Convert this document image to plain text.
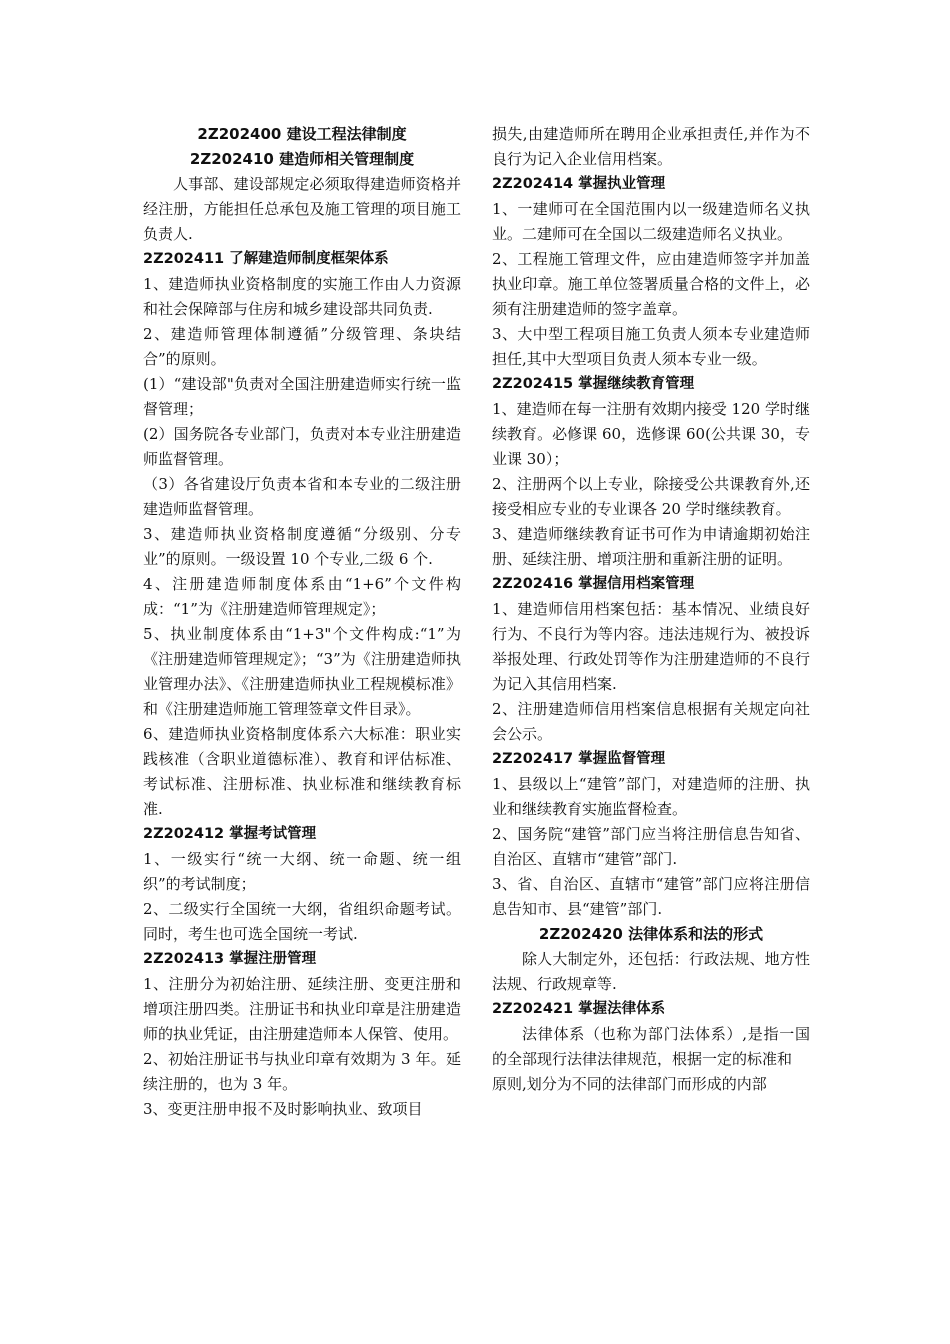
2Z202400 建设工程法律制度

2Z202410 建造师相关管理制度

人事部、建设部规定必须取得建造师资格并经注册，方能担任总承包及施工管理的项目施工负责人.

2Z202411 了解建造师制度框架体系

1、建造师执业资格制度的实施工作由人力资源和社会保障部与住房和城乡建设部共同负责.

2、建造师管理体制遵循”分级管理、条块结合”的原则。

(1）“建设部"负责对全国注册建造师实行统一监督管理；

(2）国务院各专业部门，负责对本专业注册建造师监督管理。

（3）各省建设厅负责本省和本专业的二级注册建造师监督管理。

3、建造师执业资格制度遵循“分级别、分专业”的原则。一级设置 10 个专业,二级 6 个.

4、注册建造师制度体系由“1+6”个文件构成：“1”为《注册建造师管理规定》；

5、执业制度体系由“1+3"个文件构成:“1”为《注册建造师管理规定》；“3”为《注册建造师执业管理办法》、《注册建造师执业工程规模标准》和《注册建造师施工管理签章文件目录》。

6、建造师执业资格制度体系六大标准：职业实践核准（含职业道德标准）、教育和评估标准、考试标准、注册标准、执业标准和继续教育标准.

2Z202412 掌握考试管理

1、一级实行“统一大纲、统一命题、统一组织”的考试制度；

2、二级实行全国统一大纲，省组织命题考试。同时，考生也可选全国统一考试.

2Z202413 掌握注册管理

1、注册分为初始注册、延续注册、变更注册和增项注册四类。注册证书和执业印章是注册建造师的执业凭证，由注册建造师本人保管、使用。

2、初始注册证书与执业印章有效期为 3 年。延续注册的，也为 3 年。

3、变更注册申报不及时影响执业、致项目

损失,由建造师所在聘用企业承担责任,并作为不良行为记入企业信用档案。

2Z202414 掌握执业管理

1、一建师可在全国范围内以一级建造师名义执业。二建师可在全国以二级建造师名义执业。

2、工程施工管理文件，应由建造师签字并加盖执业印章。施工单位签署质量合格的文件上，必须有注册建造师的签字盖章。

3、大中型工程项目施工负责人须本专业建造师担任,其中大型项目负责人须本专业一级。

2Z202415 掌握继续教育管理

1、建造师在每一注册有效期内接受 120 学时继续教育。必修课 60，选修课 60(公共课 30，专业课 30）；

2、注册两个以上专业，除接受公共课教育外,还接受相应专业的专业课各 20 学时继续教育。

3、建造师继续教育证书可作为申请逾期初始注册、延续注册、增项注册和重新注册的证明。

2Z202416 掌握信用档案管理

1、建造师信用档案包括：基本情况、业绩良好行为、不良行为等内容。违法违规行为、被投诉举报处理、行政处罚等作为注册建造师的不良行为记入其信用档案.

2、注册建造师信用档案信息根据有关规定向社会公示。

2Z202417 掌握监督管理

1、县级以上“建管”部门，对建造师的注册、执业和继续教育实施监督检查。

2、国务院“建管”部门应当将注册信息告知省、自治区、直辖市“建管”部门.

3、省、自治区、直辖市“建管”部门应将注册信息告知市、县“建管”部门.

2Z202420 法律体系和法的形式

除人大制定外，还包括：行政法规、地方性法规、行政规章等.

2Z202421 掌握法律体系

法律体系（也称为部门法体系）,是指一国的全部现行法律法律规范，根据一定的标准和

原则,划分为不同的法律部门而形成的内部
